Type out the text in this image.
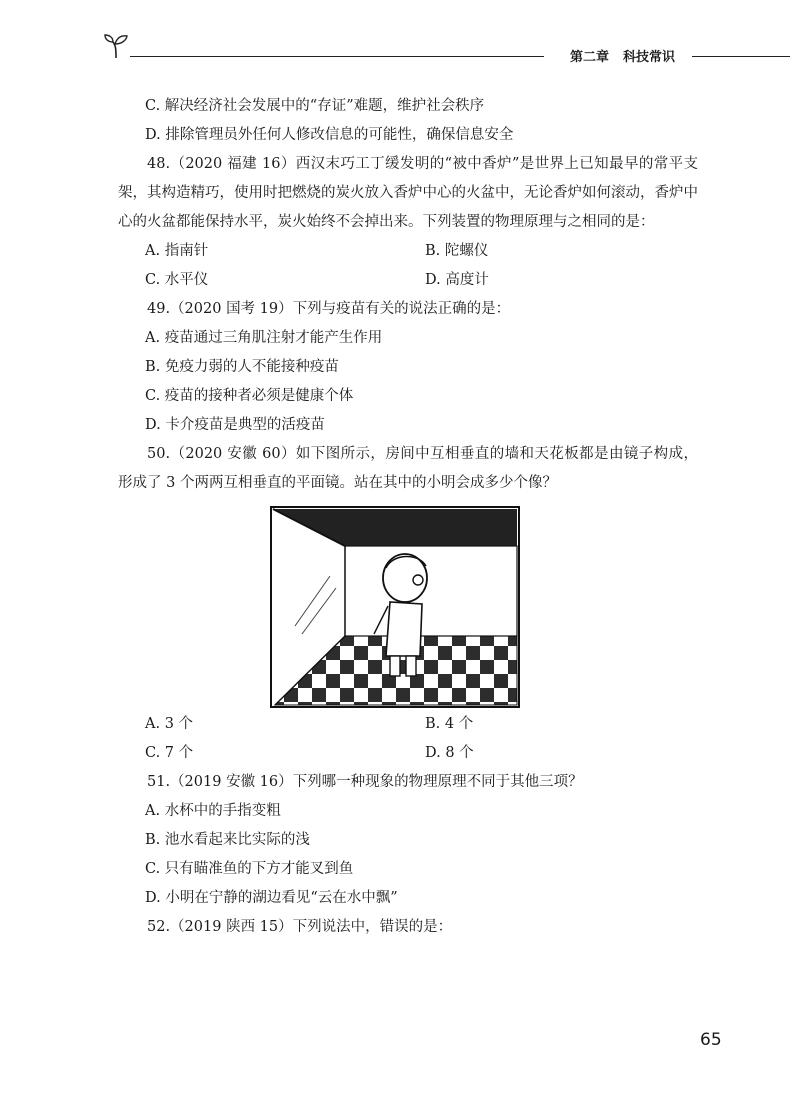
第二章 科技常识
C. 解决经济社会发展中的“存证”难题，维护社会秩序
D. 排除管理员外任何人修改信息的可能性，确保信息安全
48.（2020 福建 16）西汉末巧工丁缓发明的“被中香炉”是世界上已知最早的常平支架，其构造精巧，使用时把燃烧的炭火放入香炉中心的火盆中，无论香炉如何滚动，香炉中心的火盆都能保持水平，炭火始终不会掉出来。下列装置的物理原理与之相同的是：
A. 指南针	B. 陀螺仪
C. 水平仪	D. 高度计
49.（2020 国考 19）下列与疫苗有关的说法正确的是：
A. 疫苗通过三角肌注射才能产生作用
B. 免疫力弱的人不能接种疫苗
C. 疫苗的接种者必须是健康个体
D. 卡介疫苗是典型的活疫苗
50.（2020 安徽 60）如下图所示，房间中互相垂直的墙和天花板都是由镜子构成，形成了 3 个两两互相垂直的平面镜。站在其中的小明会成多少个像？
A. 3 个	B. 4 个
C. 7 个	D. 8 个
51.（2019 安徽 16）下列哪一种现象的物理原理不同于其他三项？
A. 水杯中的手指变粗
B. 池水看起来比实际的浅
C. 只有瞄准鱼的下方才能叉到鱼
D. 小明在宁静的湖边看见“云在水中飘”
52.（2019 陕西 15）下列说法中，错误的是：
65
